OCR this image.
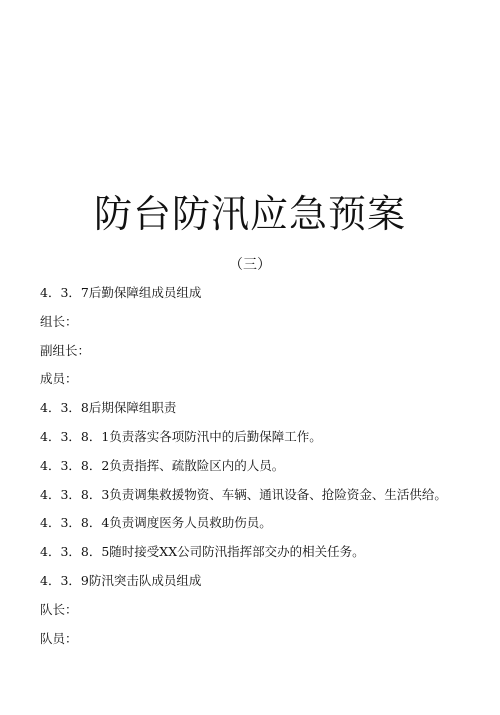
防台防汛应急预案
（三）
4．3．7后勤保障组成员组成
组长：
副组长：
成员：
4．3．8后期保障组职责
4．3．8．1负责落实各项防汛中的后勤保障工作。
4．3．8．2负责指挥、疏散险区内的人员。
4．3．8．3负责调集救援物资、车辆、通讯设备、抢险资金、生活供给。
4．3．8．4负责调度医务人员救助伤员。
4．3．8．5随时接受XX公司防汛指挥部交办的相关任务。
4．3．9防汛突击队成员组成
队长：
队员：
